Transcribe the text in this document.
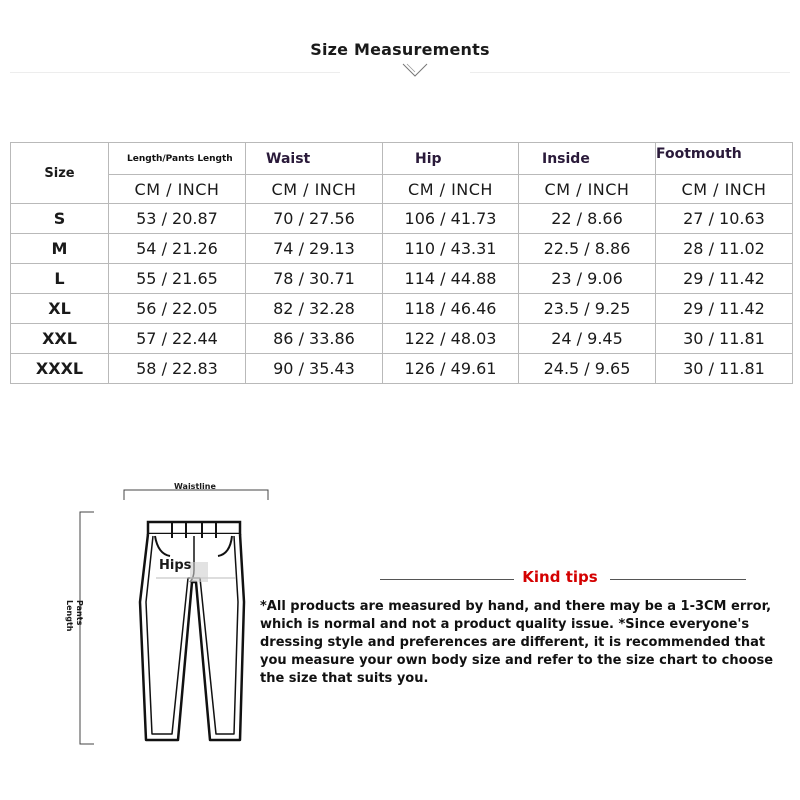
Size Measurements
Size	Length/Pants Length	Waist	Hip	Inside	Footmouth
	CM / INCH	CM / INCH	CM / INCH	CM / INCH	CM / INCH
S	53 / 20.87	70 / 27.56	106 / 41.73	22 / 8.66	27 / 10.63
M	54 / 21.26	74 / 29.13	110 / 43.31	22.5 / 8.86	28 / 11.02
L	55 / 21.65	78 / 30.71	114 / 44.88	23 / 9.06	29 / 11.42
XL	56 / 22.05	82 / 32.28	118 / 46.46	23.5 / 9.25	29 / 11.42
XXL	57 / 22.44	86 / 33.86	122 / 48.03	24 / 9.45	30 / 11.81
XXXL	58 / 22.83	90 / 35.43	126 / 49.61	24.5 / 9.65	30 / 11.81
Waistline
Hips
Pants
Length
Kind tips
*All products are measured by hand, and there may be a 1-3CM error, which is normal and not a product quality issue. *Since everyone's dressing style and preferences are different, it is recommended that you measure your own body size and refer to the size chart to choose the size that suits you.
